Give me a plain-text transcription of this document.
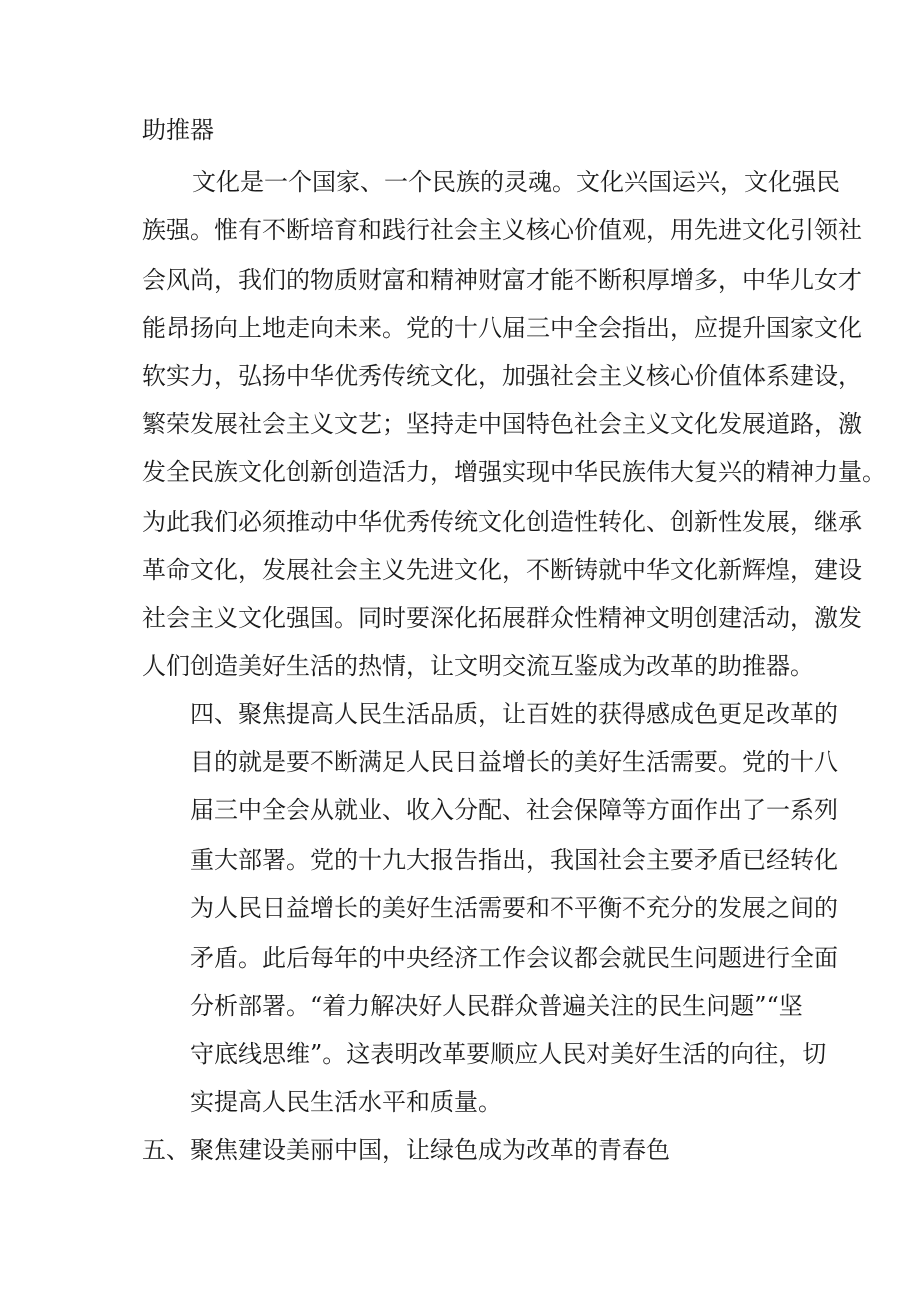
助推器
文化是一个国家、一个民族的灵魂。文化兴国运兴，文化强民
族强。惟有不断培育和践行社会主义核心价值观，用先进文化引领社
会风尚，我们的物质财富和精神财富才能不断积厚增多，中华儿女才
能昂扬向上地走向未来。党的十八届三中全会指出，应提升国家文化
软实力，弘扬中华优秀传统文化，加强社会主义核心价值体系建设，
繁荣发展社会主义文艺；坚持走中国特色社会主义文化发展道路，激
发全民族文化创新创造活力，增强实现中华民族伟大复兴的精神力量。
为此我们必须推动中华优秀传统文化创造性转化、创新性发展，继承
革命文化，发展社会主义先进文化，不断铸就中华文化新辉煌，建设
社会主义文化强国。同时要深化拓展群众性精神文明创建活动，激发
人们创造美好生活的热情，让文明交流互鉴成为改革的助推器。
四、聚焦提高人民生活品质，让百姓的获得感成色更足改革的
目的就是要不断满足人民日益增长的美好生活需要。党的十八
届三中全会从就业、收入分配、社会保障等方面作出了一系列
重大部署。党的十九大报告指出，我国社会主要矛盾已经转化
为人民日益增长的美好生活需要和不平衡不充分的发展之间的
矛盾。此后每年的中央经济工作会议都会就民生问题进行全面
分析部署。“着力解决好人民群众普遍关注的民生问题”“坚
守底线思维”。这表明改革要顺应人民对美好生活的向往，切
实提高人民生活水平和质量。
五、聚焦建设美丽中国，让绿色成为改革的青春色
